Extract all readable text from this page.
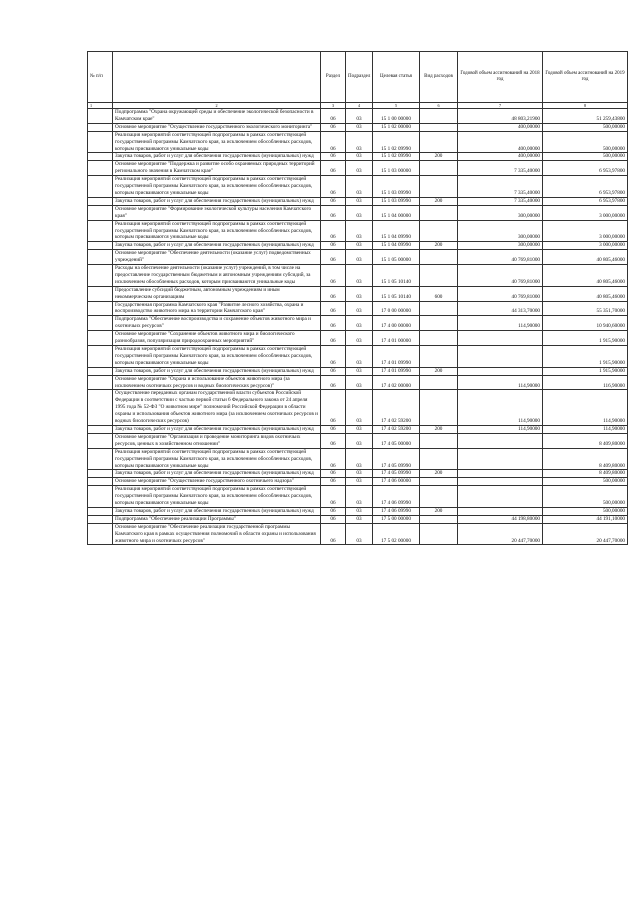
№ п/п		Раздел	Подраздел	Целевая статья	Вид расходов	Годовой объем ассигнований на 2018 год	Годовой объем ассигнований на 2019 год
1	2	3	4	5	6	7	8
	Подпрограмма "Охрана окружающей среды и обеспечение экологической безопасности в Камчатском крае"	06	03	15 1 00 00000		48 803,21900	51 259,43800
	Основное мероприятие "Осуществление государственного экологического мониторинга"	06	03	15 1 02 00000		400,00000	500,00000
	Реализация мероприятий соответствующей подпрограммы в рамках соответствующей государственной программы Камчатского края, за исключением обособленных расходов, которым присваиваются уникальные коды	06	03	15 1 02 09990		400,00000	500,00000
	Закупка товаров, работ и услуг для обеспечения государственных (муниципальных) нужд	06	03	15 1 02 09990	200	400,00000	500,00000
	Основное мероприятие "Поддержка и развитие особо охраняемых природных территорий регионального значения в Камчатском крае"	06	03	15 1 03 00000		7 335,40000	6 953,97800
	Реализация мероприятий соответствующей подпрограммы в рамках соответствующей государственной программы Камчатского края, за исключением обособленных расходов, которым присваиваются уникальные коды	06	03	15 1 03 09990		7 335,40000	6 953,97800
	Закупка товаров, работ и услуг для обеспечения государственных (муниципальных) нужд	06	03	15 1 03 09990	200	7 335,40000	6 953,97800
	Основное мероприятие "Формирование экологической культуры населения Камчатского края"	06	03	15 1 04 00000		300,00000	3 000,00000
	Реализация мероприятий соответствующей подпрограммы в рамках соответствующей государственной программы Камчатского края, за исключением обособленных расходов, которым присваиваются уникальные коды	06	03	15 1 04 09990		300,00000	3 000,00000
	Закупка товаров, работ и услуг для обеспечения государственных (муниципальных) нужд	06	03	15 1 04 09990	200	300,00000	3 000,00000
	Основное мероприятие "Обеспечение деятельности (оказание услуг) подведомственных учреждений"	06	03	15 1 05 00000		40 769,81000	40 805,46000
	Расходы на обеспечение деятельности (оказание услуг) учреждений, в том числе на предоставление государственным бюджетным и автономным учреждениям субсидий, за исключением обособленных расходов, которым присваиваются уникальные коды	06	03	15 1 05 10140		40 769,81000	40 805,46000
	Предоставление субсидий бюджетным, автономным учреждениям и иным некоммерческим организациям	06	03	15 1 05 10140	600	40 769,81000	40 805,46000
	Государственная программа Камчатского края "Развитие лесного хозяйства, охрана и воспроизводство животного мира на территории Камчатского края"	06	03	17 0 00 00000		44 313,70000	55 351,70000
	Подпрограмма "Обеспечение воспроизводства и сохранение объектов животного мира и охотничьих ресурсов"	06	03	17 4 00 00000		114,90000	10 940,60000
	Основное мероприятие "Сохранение объектов животного мира и биологического разнообразия, популяризация природоохранных мероприятий"	06	03	17 4 01 00000			1 915,90000
	Реализация мероприятий соответствующей подпрограммы в рамках соответствующей государственной программы Камчатского края, за исключением обособленных расходов, которым присваиваются уникальные коды	06	03	17 4 01 09990			1 915,90000
	Закупка товаров, работ и услуг для обеспечения государственных (муниципальных) нужд	06	03	17 4 01 09990	200		1 915,90000
	Основное мероприятие "Охрана и использование объектов животного мира (за исключением охотничьих ресурсов и водных биологических ресурсов)"	06	03	17 4 02 00000		114,90000	116,90000
	Осуществление переданных органам государственной власти субъектов Российской Федерации в соответствии с частью первой статьи 6 Федерального закона от 24 апреля 1995 года № 52-ФЗ "О животном мире" полномочий Российской Федерации в области охраны и использования объектов животного мира (за исключением охотничьих ресурсов и водных биологических ресурсов)	06	03	17 4 02 59200		114,90000	114,90000
	Закупка товаров, работ и услуг для обеспечения государственных (муниципальных) нужд	06	03	17 4 02 59200	200	114,90000	114,90000
	Основное мероприятие "Организация и проведение мониторинга видов охотничьих ресурсов, ценных в хозяйственном отношении"	06	03	17 4 05 00000			8 409,80000
	Реализация мероприятий соответствующей подпрограммы в рамках соответствующей государственной программы Камчатского края, за исключением обособленных расходов, которым присваиваются уникальные коды	06	03	17 4 05 09990			8 409,80000
	Закупка товаров, работ и услуг для обеспечения государственных (муниципальных) нужд	06	03	17 4 05 09990	200		8 409,80000
	Основное мероприятие "Осуществление государственного охотничьего надзора"	06	03	17 4 06 00000			500,00000
	Реализация мероприятий соответствующей подпрограммы в рамках соответствующей государственной программы Камчатского края, за исключением обособленных расходов, которым присваиваются уникальные коды	06	03	17 4 06 09990			500,00000
	Закупка товаров, работ и услуг для обеспечения государственных (муниципальных) нужд	06	03	17 4 06 09990	200		500,00000
	Подпрограмма "Обеспечение реализации Программы"	06	03	17 5 00 00000		44 198,80000	44 191,10000
	Основное мероприятие "Обеспечение реализации государственной программы Камчатского края в рамках осуществления полномочий в области охраны и использования животного мира и охотничьих ресурсов"	06	03	17 5 02 00000		20 447,70000	20 447,70000
